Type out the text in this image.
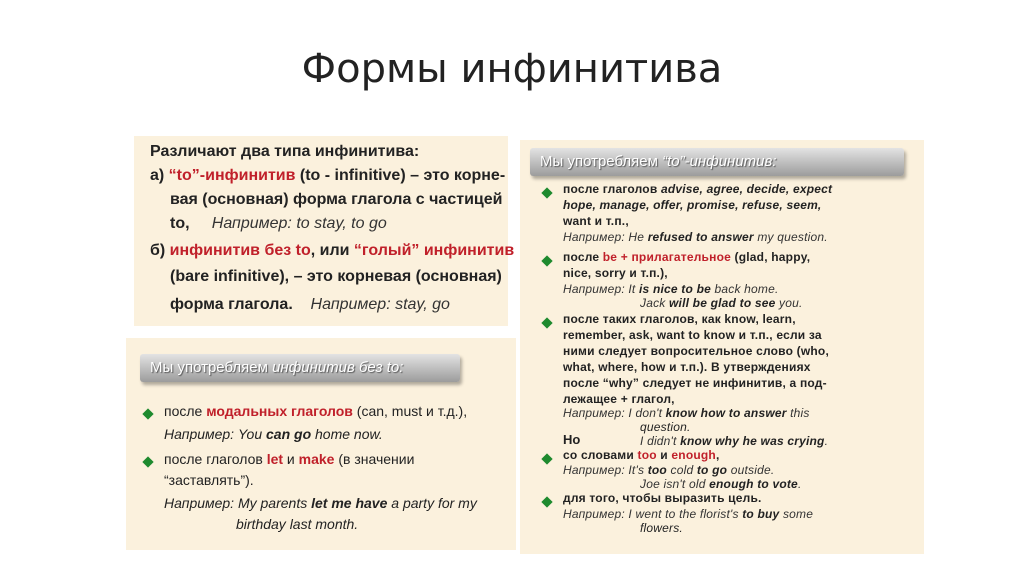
Формы инфинитива
Различают два типа инфинитива:
а) “to”-инфинитив (to - infinitive) – это корне-
вая (основная) форма глагола с частицей
to, Например: to stay, to go
б) инфинитив без to, или “голый” инфинитив
(bare infinitive), – это корневая (основная)
форма глагола. Например: stay, go
Мы употребляем инфинитив без to:
после модальных глаголов (can, must и т.д.),
Например: You can go home now.
после глаголов let и make (в значении
“заставлять”).
Например: My parents let me have a party for my
birthday last month.
Мы употребляем “to”-инфинитив:
после глаголов advise, agree, decide, expect
hope, manage, offer, promise, refuse, seem,
want и т.п.,
Например: He refused to answer my question.
после be + прилагательное (glad, happy,
nice, sorry и т.п.),
Например: It is nice to be back home.
Jack will be glad to see you.
после таких глаголов, как know, learn,
remember, ask, want to know и т.п., если за
ними следует вопросительное слово (who,
what, where, how и т.п.). В утверждениях
после “why” следует не инфинитив, а под-
лежащее + глагол,
Например: I don't know how to answer this
question.
Но	I didn't know why he was crying.
со словами too и enough,
Например: It's too cold to go outside.
Joe isn't old enough to vote.
для того, чтобы выразить цель.
Например: I went to the florist's to buy some
flowers.
